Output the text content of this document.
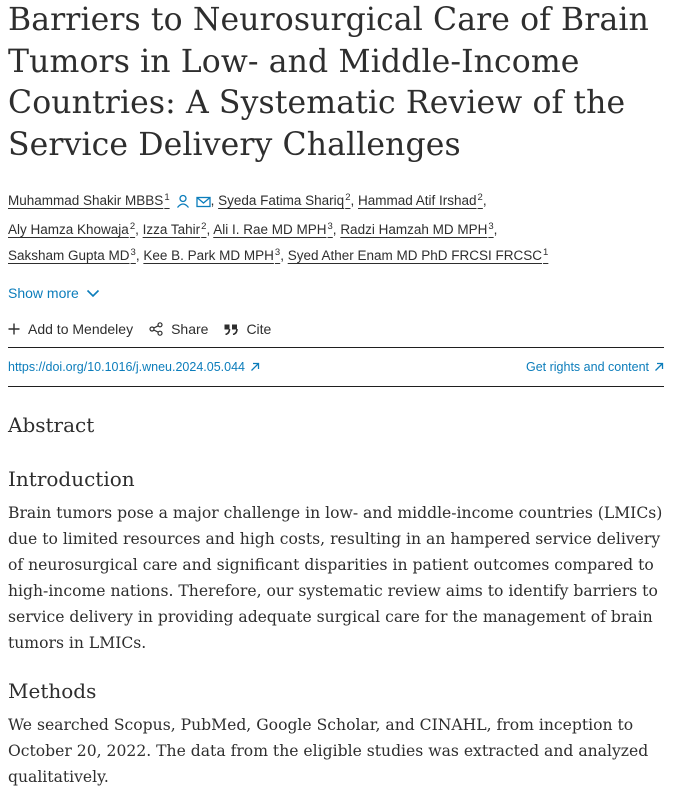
Barriers to Neurosurgical Care of Brain Tumors in Low- and Middle-Income Countries: A Systematic Review of the Service Delivery Challenges
Muhammad Shakir MBBS$^1$	, Syeda Fatima Shariq$^2$, Hammad Atif Irshad$^2$,
Aly Hamza Khowaja$^2$, Izza Tahir$^2$, Ali I. Rae MD MPH$^3$, Radzi Hamzah MD MPH$^3$,
Saksham Gupta $MD^3$, Kee B. Park MD MPH$^3$, Syed Ather Enam MD PhD FRCSI FRCSC$^1$
Show more
Add to Mendeley	Share	Cite
https://doi.org/10.1016/j.wneu.2024.05.044	Get rights and content
Abstract
Introduction

Brain tumors pose a major challenge in low- and middle-income countries (LMICs) due to limited resources and high costs, resulting in an hampered service delivery of neurosurgical care and significant disparities in patient outcomes compared to high-income nations. Therefore, our systematic review aims to identify barriers to service delivery in providing adequate surgical care for the management of brain tumors in LMICs.

Methods

We searched Scopus, PubMed, Google Scholar, and CINAHL, from inception to October 20, 2022. The data from the eligible studies was extracted and analyzed qualitatively.
